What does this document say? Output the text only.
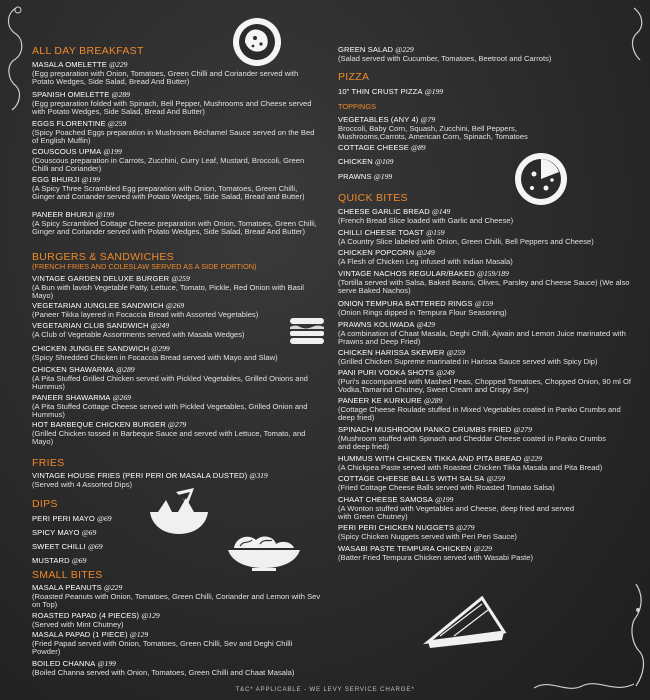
ALL DAY BREAKFAST
MASALA OMELETTE @229
(Egg preparation with Onion, Tomatoes, Green Chilli and Coriander served with Potato Wedges, Side Salad, Bread And Butter)
SPANISH OMELETTE @289
(Egg preparation folded with Spinach, Bell Pepper, Mushrooms and Cheese served with Potato Wedges, Side Salad, Bread And Butter)
EGGS FLORENTINE @259
(Spicy Poached Eggs preparation in Mushroom Béchamel Sauce served on the Bed of English Muffin)
COUSCOUS UPMA @199
(Couscous preparation in Carrots, Zucchini, Curry Leaf, Mustard, Broccoli, Green Chilli and Coriander)
EGG BHURJI @199
(A Spicy Three Scrambled Egg preparation with Onion, Tomatoes, Green Chilli, Ginger and Coriander served with Potato Wedges, Side Salad, Bread and Butter)
PANEER BHURJI @199
(A Spicy Scrambled Cottage Cheese preparation with Onion, Tomatoes, Green Chilli, Ginger and Coriander served with Potato Wedges, Side Salad, Bread And Butter)
BURGERS & SANDWICHES
(FRENCH FRIES AND COLESLAW SERVED AS A SIDE PORTION)
VINTAGE GARDEN DELUXE BURGER @259
(A Bun with lavish Vegetable Patty, Lettuce, Tomato, Pickle, Red Onion with Basil Mayo)
VEGETARIAN JUNGLEE SANDWICH @269
(Paneer Tikka layered in Focaccia Bread with Assorted Vegetables)
VEGETARIAN CLUB SANDWICH @249
(A Club of Vegetable Assortments served with Masala Wedges)
CHICKEN JUNGLEE SANDWICH @299
(Spicy Shredded Chicken in Focaccia Bread served with Mayo and Slaw)
CHICKEN SHAWARMA @289
(A Pita Stuffed Grilled Chicken served with Pickled Vegetables, Grilled Onions and Hummus)
PANEER SHAWARMA @269
(A Pita Stuffed Cottage Cheese served with Pickled Vegetables, Grilled Onion and Hummus)
HOT BARBEQUE CHICKEN BURGER @279
(Grilled Chicken tossed in Barbeque Sauce and served with Lettuce, Tomato, and Mayo)
FRIES
VINTAGE HOUSE FRIES (PERI PERI OR MASALA DUSTED) @319
(Served with 4 Assorted Dips)
DIPS
PERI PERI MAYO @69
SPICY MAYO @69
SWEET CHILLI @69
MUSTARD @69
SMALL BITES
MASALA PEANUTS @229
(Roasted Peanuts with Onion, Tomatoes, Green Chilli, Coriander and Lemon with Sev on Top)
ROASTED PAPAD (4 PIECES) @129
(Served with Mint Chutney)
MASALA PAPAD (1 PIECE) @129
(Fried Papad served with Onion, Tomatoes, Green Chilli, Sev and Deghi Chilli Powder)
BOILED CHANNA @199
(Boiled Channa served with Onion, Tomatoes, Green Chilli and Chaat Masala)
GREEN SALAD @229
(Salad served with Cucumber, Tomatoes, Beetroot and Carrots)
PIZZA
10" THIN CRUST PIZZA @199
TOPPINGS
VEGETABLES (ANY 4) @79
Broccoli, Baby Corn, Squash, Zucchini, Bell Peppers, Mushrooms,Carrots, American Corn, Spinach, Tomatoes
COTTAGE CHEESE @89
CHICKEN @109
PRAWNS @199
QUICK BITES
CHEESE GARLIC BREAD @149
(French Bread Slice loaded with Garlic and Cheese)
CHILLI CHEESE TOAST @159
(A Country Slice labeled with Onion, Green Chilli, Bell Peppers and Cheese)
CHICKEN POPCORN @249
(A Flesh of Chicken Leg infused with Indian Masala)
VINTAGE NACHOS REGULAR/BAKED @159/189
(Tortilla served with Salsa, Baked Beans, Olives, Parsley and Cheese Sauce) (We also serve Baked Nachos)
ONION TEMPURA BATTERED RINGS @159
(Onion Rings dipped in Tempura Flour Seasoning)
PRAWNS KOLIWADA @429
(A combination of Chaat Masala, Deghi Chilli, Ajwain and Lemon Juice marinated with Prawns and Deep Fried)
CHICKEN HARISSA SKEWER @259
(Grilled Chicken Supreme marinated in Harissa Sauce served with Spicy Dip)
PANI PURI VODKA SHOTS @249
(Puri's accompanied with Mashed Peas, Chopped Tomatoes, Chopped Onion, 90 ml Of Vodka,Tamarind Chutney, Sweet Cream and Crispy Sev)
PANEER KE KURKURE @289
(Cottage Cheese Roulade stuffed in Mixed Vegetables coated in Panko Crumbs and deep fried)
SPINACH MUSHROOM PANKO CRUMBS FRIED @279
(Mushroom stuffed with Spinach and Cheddar Cheese coated in Panko Crumbs and deep fried)
HUMMUS WITH CHICKEN TIKKA AND PITA BREAD @229
(A Chickpea Paste served with Roasted Chicken Tikka Masala and Pita Bread)
COTTAGE CHEESE BALLS WITH SALSA @259
(Fried Cottage Cheese Balls served with Roasted Tomato Salsa)
CHAAT CHEESE SAMOSA @199
(A Wonton stuffed with Vegetables and Cheese, deep fried and served with Green Chutney)
PERI PERI CHICKEN NUGGETS @279
(Spicy Chicken Nuggets served with Peri Peri Sauce)
WASABI PASTE TEMPURA CHICKEN @229
(Batter Fried Tempura Chicken served with Wasabi Paste)
T&C* APPLICABLE - WE LEVY SERVICE CHARGE*
